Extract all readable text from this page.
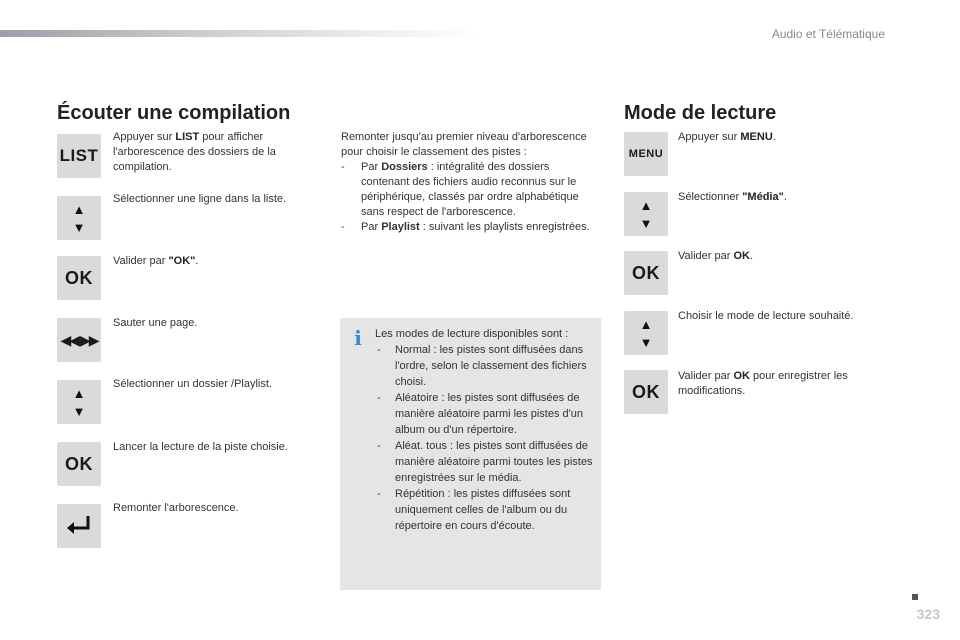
Audio et Télématique
Écouter une compilation
LIST
Appuyer sur LIST pour afficher l'arborescence des dossiers de la compilation.
▲
▼
Sélectionner une ligne dans la liste.
OK
Valider par "OK".
◀◀ ▶▶
Sauter une page.
▲
▼
Sélectionner un dossier /Playlist.
OK
Lancer la lecture de la piste choisie.
Remonter l'arborescence.

Remonter jusqu'au premier niveau d'arborescence pour choisir le classement des pistes :

-	Par Dossiers : intégralité des dossiers contenant des fichiers audio reconnus sur le périphérique, classés par ordre alphabétique sans respect de l'arborescence.
-	Par Playlist : suivant les playlists enregistrées.
i	Les modes de lecture disponibles sont :

-	Normal : les pistes sont diffusées dans l'ordre, selon le classement des fichiers choisi.
-	Aléatoire : les pistes sont diffusées de manière aléatoire parmi les pistes d'un album ou d'un répertoire.
-	Aléat. tous : les pistes sont diffusées de manière aléatoire parmi toutes les pistes enregistrées sur le média.
-	Répétition : les pistes diffusées sont uniquement celles de l'album ou du répertoire en cours d'écoute.
Mode de lecture
MENU
Appuyer sur MENU.
▲
▼
Sélectionner "Média".
OK
Valider par OK.
▲
▼
Choisir le mode de lecture souhaité.
OK
Valider par OK pour enregistrer les modifications.
323
